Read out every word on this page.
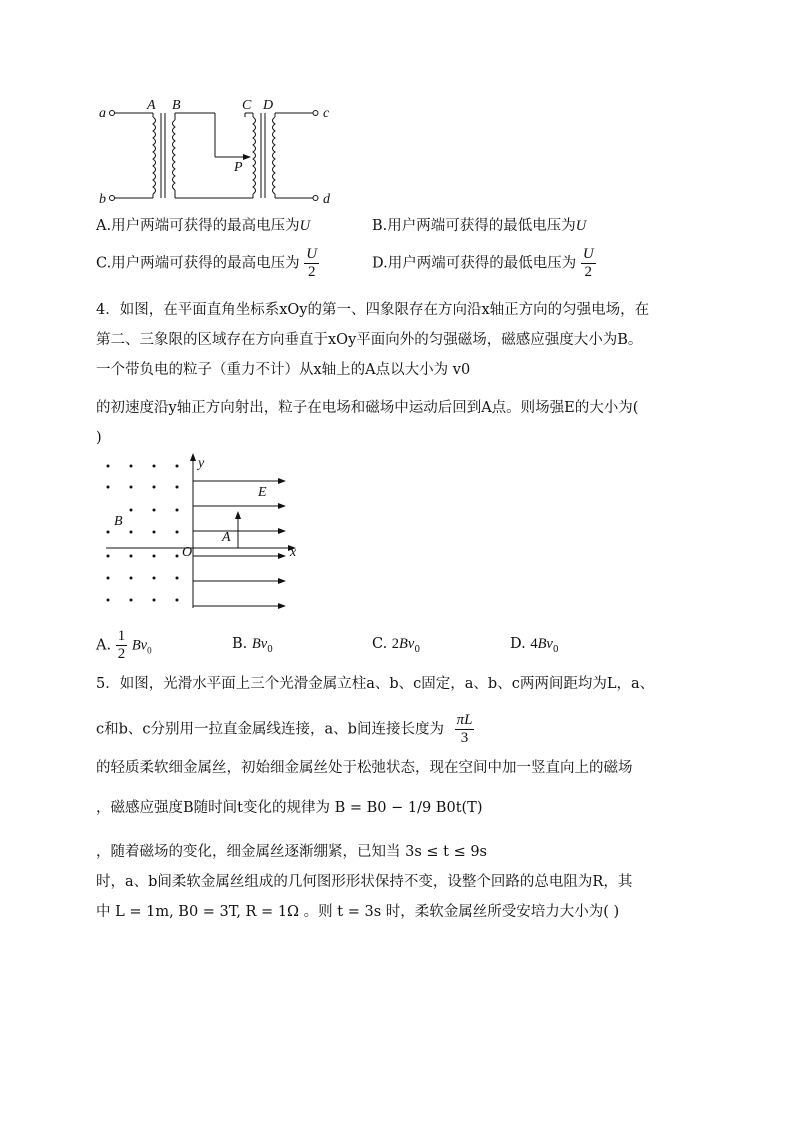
a
b
c
d
A B	C D
P
A.用户两端可获得的最高电压为U	B.用户两端可获得的最低电压为U
C.用户两端可获得的最高电压为 $\frac{U}{2}$	D.用户两端可获得的最低电压为 $\frac{U}{2}$
4．如图，在平面直角坐标系xOy的第一、四象限存在方向沿x轴正方向的匀强电场，在
第二、三象限的区域存在方向垂直于xOy平面向外的匀强磁场，磁感应强度大小为B。
一个带负电的粒子（重力不计）从x轴上的A点以大小为 v0
的初速度沿y轴正方向射出，粒子在电场和磁场中运动后回到A点。则场强E的大小为(
)
y
x
E
B
O
A
A. $\frac{1}{2} Bv_0$	B. $Bv_0$	C. $2Bv_0$	D. $4Bv_0$
5．如图，光滑水平面上三个光滑金属立柱a、b、c固定，a、b、c两两间距均为L，a、
c和b、c分别用一拉直金属线连接，a、b间连接长度为 $\frac{\pi L}{3}$
的轻质柔软细金属丝，初始细金属丝处于松弛状态，现在空间中加一竖直向上的磁场
，磁感应强度B随时间t变化的规律为 B = B0 − 1/9 B0t(T)
，随着磁场的变化，细金属丝逐渐绷紧，已知当 3s ≤ t ≤ 9s
时，a、b间柔软金属丝组成的几何图形形状保持不变，设整个回路的总电阻为R，其
中 L = 1m, B0 = 3T, R = 1Ω 。则 t = 3s 时，柔软金属丝所受安培力大小为( )
